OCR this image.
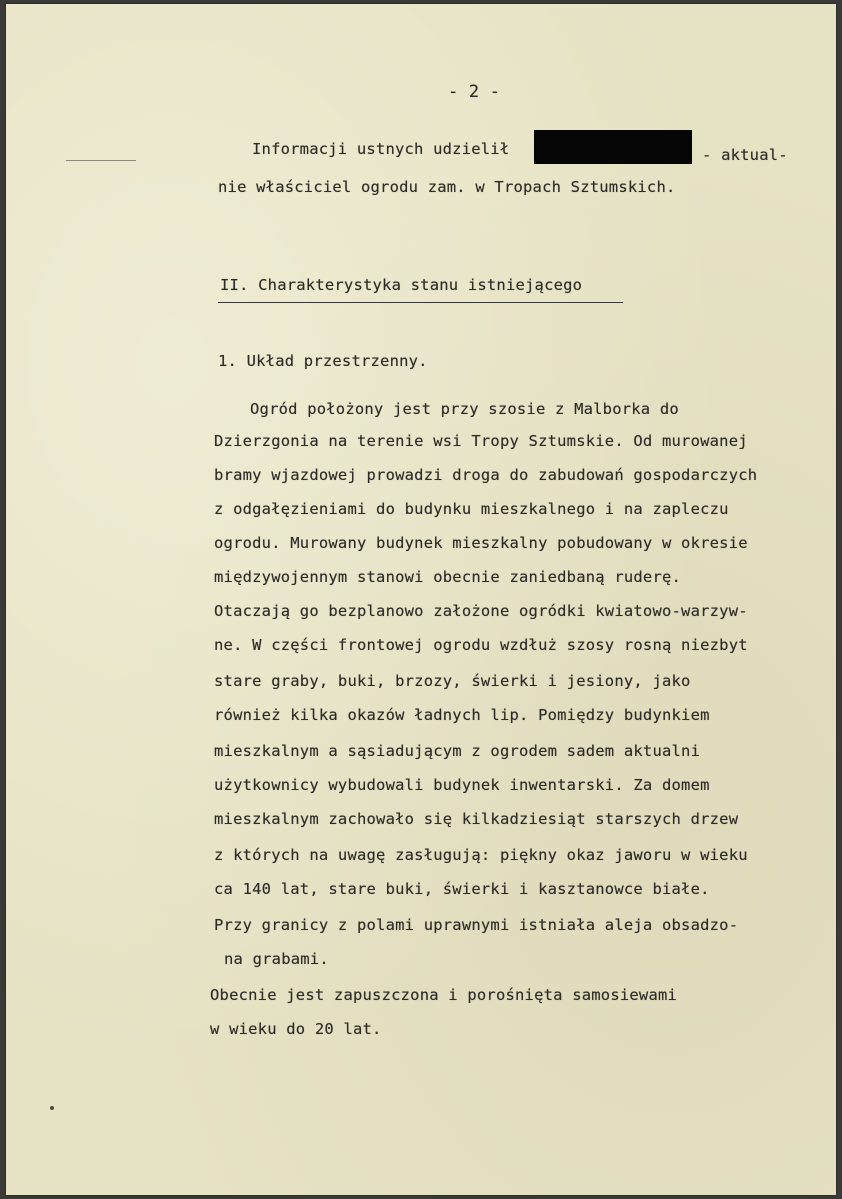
- 2 -
Informacji ustnych udzielił	- aktual-
nie właściciel ogrodu zam. w Tropach Sztumskich.
II. Charakterystyka stanu istniejącego
1. Układ przestrzenny.
Ogród położony jest przy szosie z Malborka do
Dzierzgonia na terenie wsi Tropy Sztumskie. Od murowanej
bramy wjazdowej prowadzi droga do zabudowań gospodarczych
z odgałęzieniami do budynku mieszkalnego i na zapleczu
ogrodu. Murowany budynek mieszkalny pobudowany w okresie
międzywojennym stanowi obecnie zaniedbaną ruderę.
Otaczają go bezplanowo założone ogródki kwiatowo-warzyw-
ne. W części frontowej ogrodu wzdłuż szosy rosną niezbyt
stare graby, buki, brzozy, świerki i jesiony, jako
również kilka okazów ładnych lip. Pomiędzy budynkiem
mieszkalnym a sąsiadującym z ogrodem sadem aktualni
użytkownicy wybudowali budynek inwentarski. Za domem
mieszkalnym zachowało się kilkadziesiąt starszych drzew
z których na uwagę zasługują: piękny okaz jaworu w wieku
ca 140 lat, stare buki, świerki i kasztanowce białe.
Przy granicy z polami uprawnymi istniała aleja obsadzo-
na grabami.
Obecnie jest zapuszczona i porośnięta samosiewami
w wieku do 20 lat.
